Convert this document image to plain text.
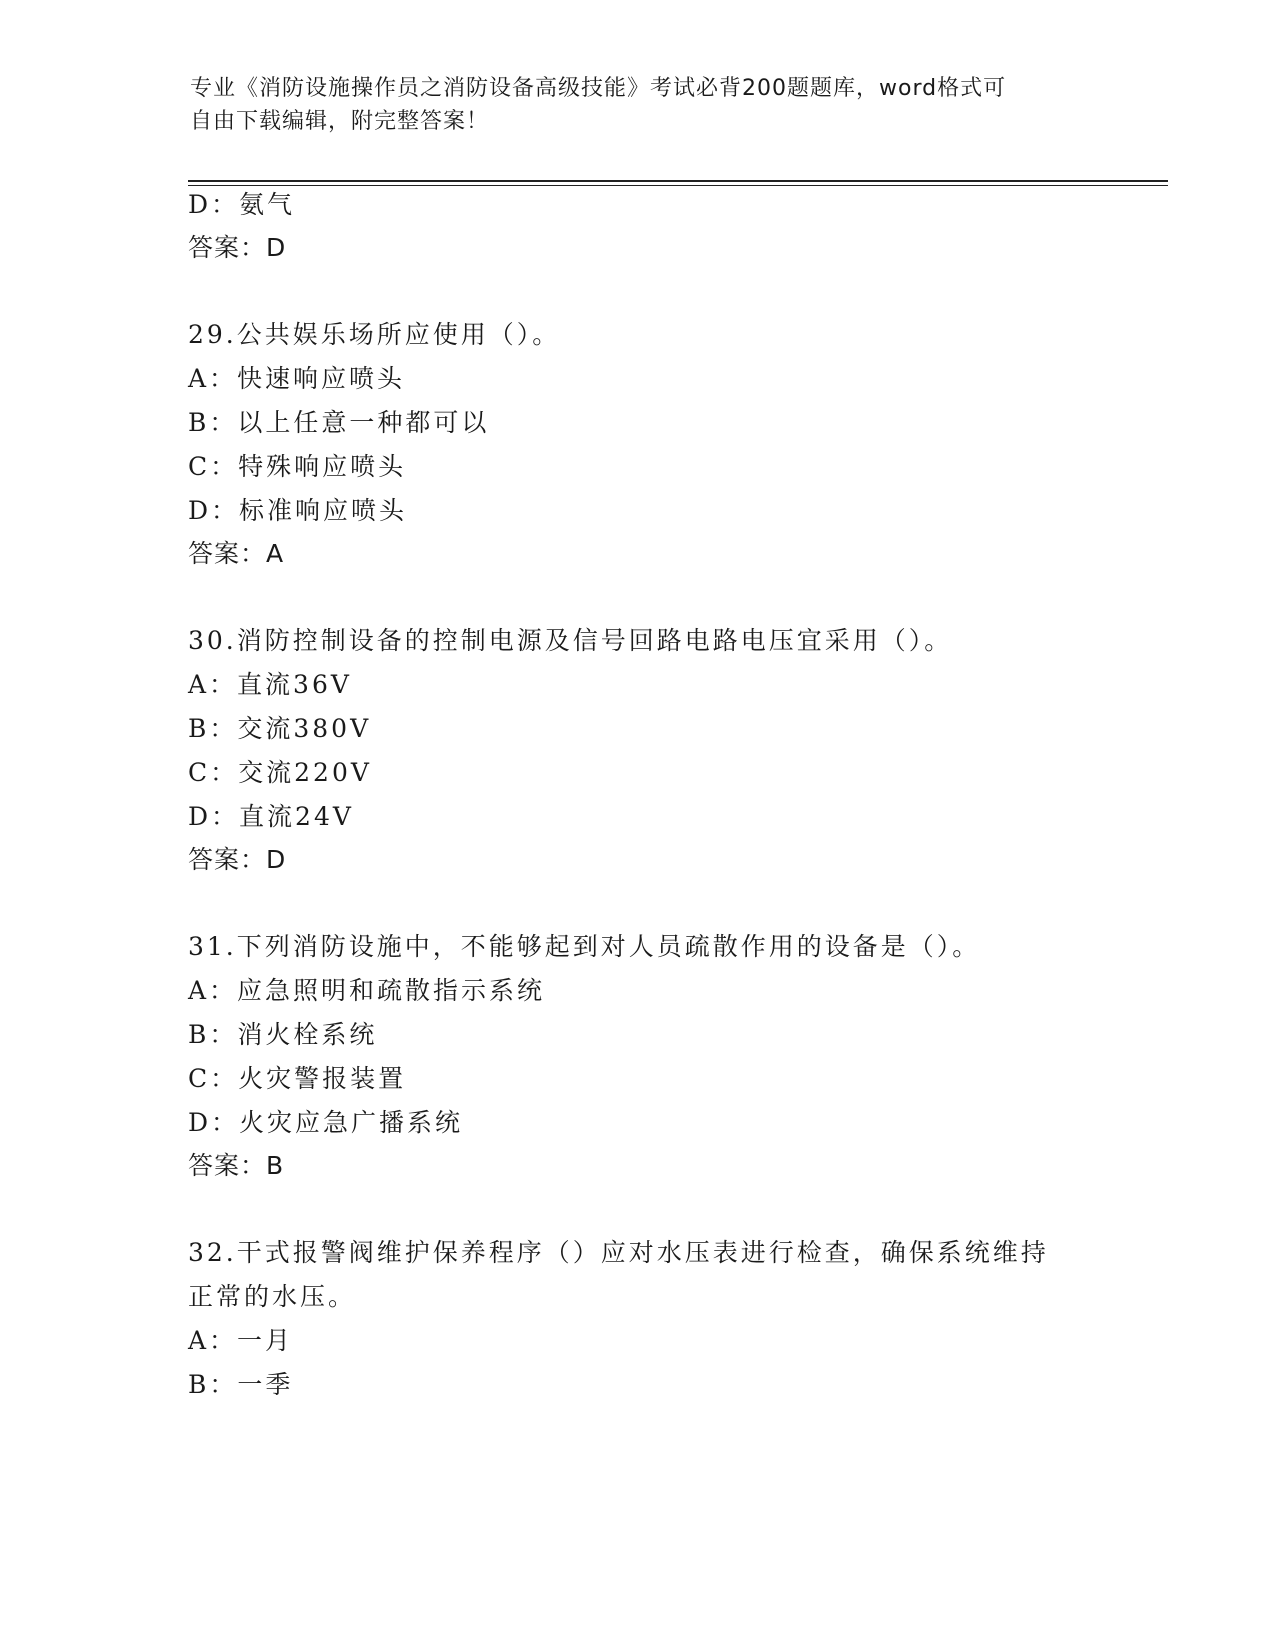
专业《消防设施操作员之消防设备高级技能》考试必背200题题库，word格式可
自由下载编辑，附完整答案！
D：氨气
答案：D
29.公共娱乐场所应使用（）。
A：快速响应喷头
B：以上任意一种都可以
C：特殊响应喷头
D：标准响应喷头
答案：A
30.消防控制设备的控制电源及信号回路电路电压宜采用（）。
A：直流36V
B：交流380V
C：交流220V
D：直流24V
答案：D
31.下列消防设施中，不能够起到对人员疏散作用的设备是（）。
A：应急照明和疏散指示系统
B：消火栓系统
C：火灾警报装置
D：火灾应急广播系统
答案：B
32.干式报警阀维护保养程序（）应对水压表进行检查，确保系统维持
正常的水压。
A：一月
B：一季
